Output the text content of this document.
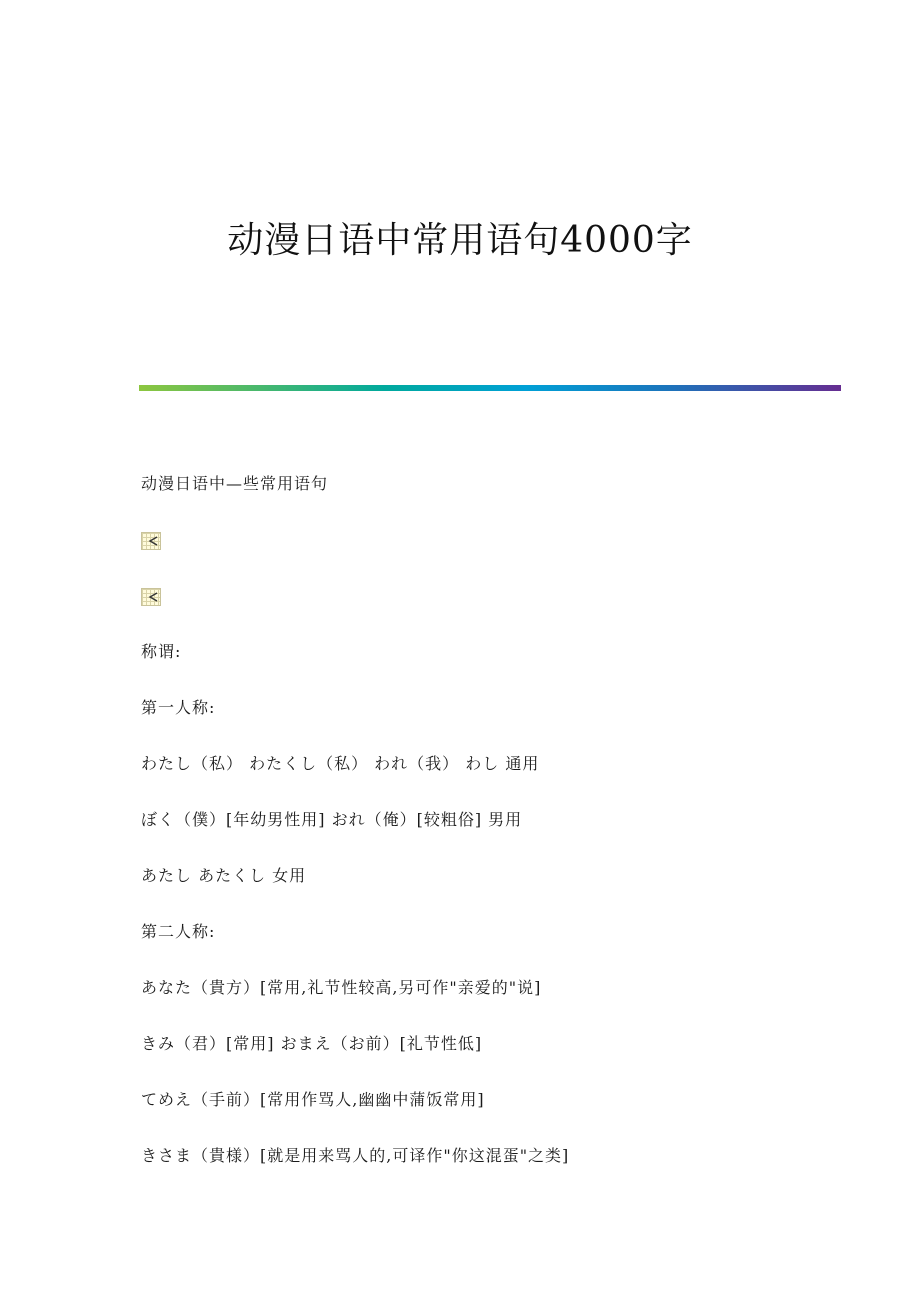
动漫日语中常用语句4000字

动漫日语中—些常用语句

称谓:

第一人称:

わたし（私） わたくし（私） われ（我） わし 通用

ぼく（僕）[年幼男性用] おれ（俺）[较粗俗] 男用

あたし あたくし 女用

第二人称:

あなた（貴方）[常用,礼节性较高,另可作"亲爱的"说]

きみ（君）[常用] おまえ（お前）[礼节性低]

てめえ（手前）[常用作骂人,幽幽中蒲饭常用]

きさま（貴様）[就是用来骂人的,可译作"你这混蛋"之类]
